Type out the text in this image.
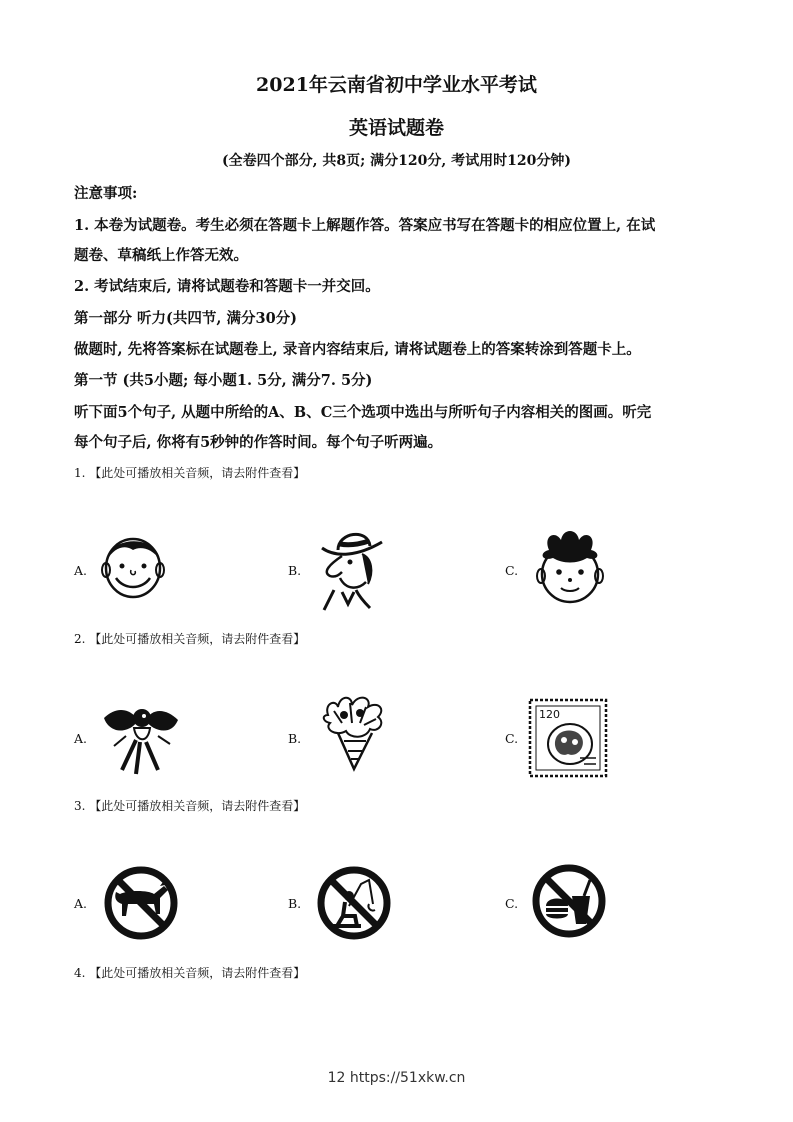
2021年云南省初中学业水平考试
英语试题卷
(全卷四个部分, 共8页; 满分120分, 考试用时120分钟)
注意事项:
1. 本卷为试题卷。考生必须在答题卡上解题作答。答案应书写在答题卡的相应位置上, 在试
题卷、草稿纸上作答无效。
2. 考试结束后, 请将试题卷和答题卡一并交回。
第一部分 听力(共四节, 满分30分)
做题时, 先将答案标在试题卷上, 录音内容结束后, 请将试题卷上的答案转涂到答题卡上。
第一节 (共5小题; 每小题1. 5分, 满分7. 5分)
听下面5个句子, 从题中所给的A、B、C三个选项中选出与所听句子内容相关的图画。听完
每个句子后, 你将有5秒钟的作答时间。每个句子听两遍。
1. 【此处可播放相关音频，请去附件查看】
A.	B.	C.
2. 【此处可播放相关音频，请去附件查看】
A.	B.	C.
120
3. 【此处可播放相关音频，请去附件查看】
A.	B.	C.
4. 【此处可播放相关音频，请去附件查看】
12 https://51xkw.cn
